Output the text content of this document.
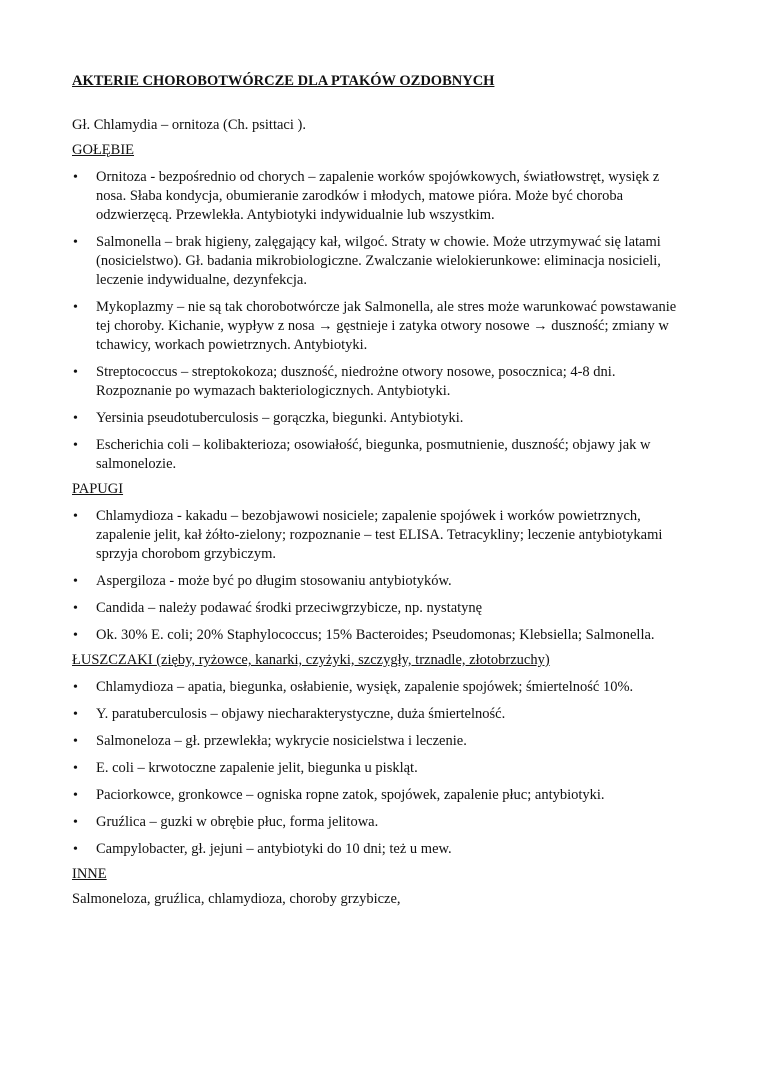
AKTERIE CHOROBOTWÓRCZE DLA PTAKÓW OZDOBNYCH

Gł. Chlamydia – ornitoza (Ch. psittaci ).

GOŁĘBIE

• Ornitoza - bezpośrednio od chorych – zapalenie worków spojówkowych, światłowstręt, wysięk z nosa. Słaba kondycja, obumieranie zarodków i młodych, matowe pióra. Może być choroba odzwierzęcą. Przewlekła. Antybiotyki indywidualnie lub wszystkim.
• Salmonella – brak higieny, zalęgający kał, wilgoć. Straty w chowie. Może utrzymywać się latami (nosicielstwo). Gł. badania mikrobiologiczne. Zwalczanie wielokierunkowe: eliminacja nosicieli, leczenie indywidualne, dezynfekcja.
• Mykoplazmy – nie są tak chorobotwórcze jak Salmonella, ale stres może warunkować powstawanie tej choroby. Kichanie, wypływ z nosa → gęstnieje i zatyka otwory nosowe → duszność; zmiany w tchawicy, workach powietrznych. Antybiotyki.
• Streptococcus – streptokokoza; duszność, niedrożne otwory nosowe, posocznica; 4-8 dni. Rozpoznanie po wymazach bakteriologicznych. Antybiotyki.
• Yersinia pseudotuberculosis – gorączka, biegunki. Antybiotyki.
• Escherichia coli – kolibakterioza; osowiałość, biegunka, posmutnienie, duszność; objawy jak w salmonelozie.

PAPUGI

• Chlamydioza - kakadu – bezobjawowi nosiciele; zapalenie spojówek i worków powietrznych, zapalenie jelit, kał żółto-zielony; rozpoznanie – test ELISA. Tetracykliny; leczenie antybiotykami sprzyja chorobom grzybiczym.
• Aspergiloza - może być po długim stosowaniu antybiotyków.
• Candida – należy podawać środki przeciwgrzybicze, np. nystatynę
• Ok. 30% E. coli; 20% Staphylococcus; 15% Bacteroides; Pseudomonas; Klebsiella; Salmonella.

ŁUSZCZAKI (zięby, ryżowce, kanarki, czyżyki, szczygły, trznadle, złotobrzuchy)

• Chlamydioza – apatia, biegunka, osłabienie, wysięk, zapalenie spojówek; śmiertelność 10%.
• Y. paratuberculosis – objawy niecharakterystyczne, duża śmiertelność.
• Salmoneloza – gł. przewlekła; wykrycie nosicielstwa i leczenie.
• E. coli – krwotoczne zapalenie jelit, biegunka u piskląt.
• Paciorkowce, gronkowce – ogniska ropne zatok, spojówek, zapalenie płuc; antybiotyki.
• Gruźlica – guzki w obrębie płuc, forma jelitowa.
• Campylobacter, gł. jejuni – antybiotyki do 10 dni; też u mew.

INNE

Salmoneloza, gruźlica, chlamydioza, choroby grzybicze,
